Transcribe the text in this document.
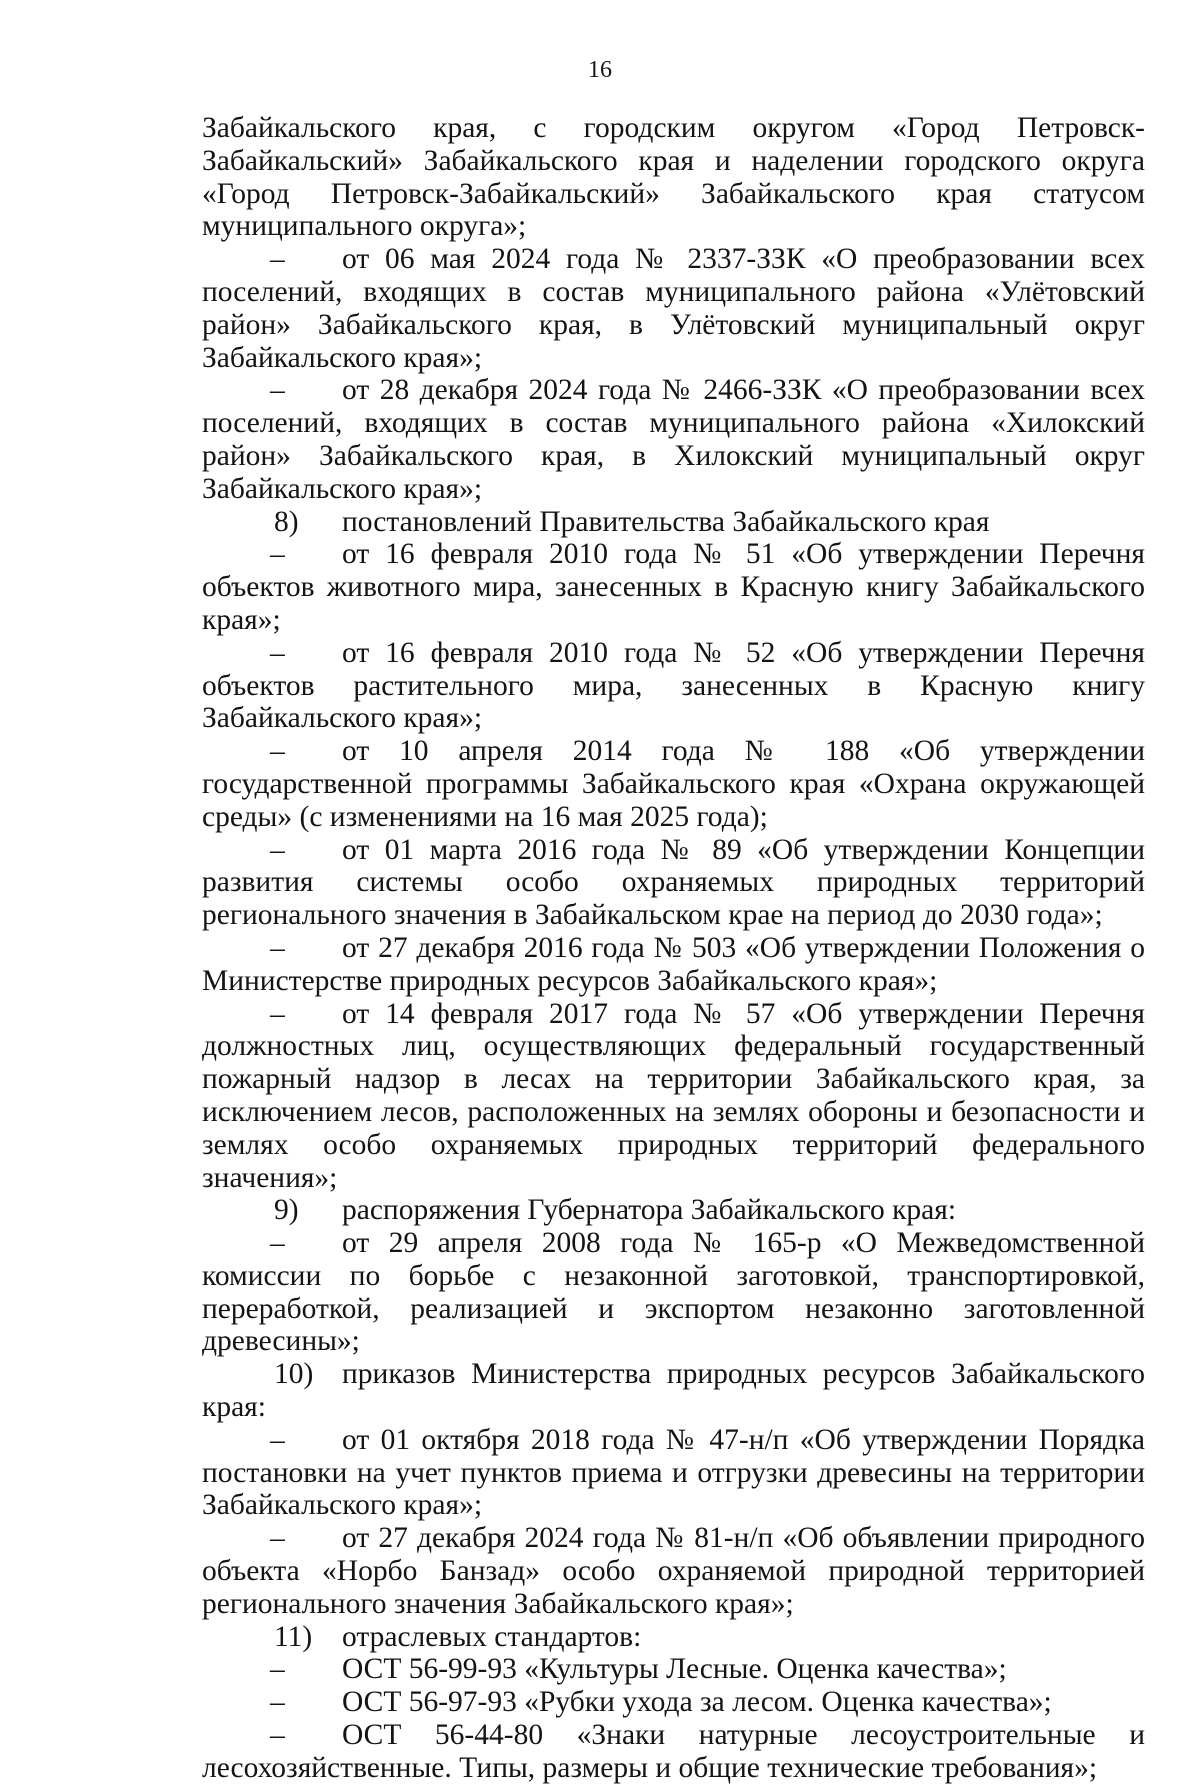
16

Забайкальского края, с городским округом «Город Петровск-Забайкальский» Забайкальского края и наделении городского округа «Город Петровск-Забайкальский» Забайкальского края статусом муниципального округа»;

– от 06 мая 2024 года № 2337-ЗЗК «О преобразовании всех поселений, входящих в состав муниципального района «Улётовский район» Забайкальского края, в Улётовский муниципальный округ Забайкальского края»;

– от 28 декабря 2024 года № 2466-ЗЗК «О преобразовании всех поселений, входящих в состав муниципального района «Хилокский район» Забайкальского края, в Хилокский муниципальный округ Забайкальского края»;

8) постановлений Правительства Забайкальского края

– от 16 февраля 2010 года № 51 «Об утверждении Перечня объектов животного мира, занесенных в Красную книгу Забайкальского края»;

– от 16 февраля 2010 года № 52 «Об утверждении Перечня объектов растительного мира, занесенных в Красную книгу Забайкальского края»;

– от 10 апреля 2014 года № 188 «Об утверждении государственной программы Забайкальского края «Охрана окружающей среды» (с изменениями на 16 мая 2025 года);

– от 01 марта 2016 года № 89 «Об утверждении Концепции развития системы особо охраняемых природных территорий регионального значения в Забайкальском крае на период до 2030 года»;

– от 27 декабря 2016 года № 503 «Об утверждении Положения о Министерстве природных ресурсов Забайкальского края»;

– от 14 февраля 2017 года № 57 «Об утверждении Перечня должностных лиц, осуществляющих федеральный государственный пожарный надзор в лесах на территории Забайкальского края, за исключением лесов, расположенных на землях обороны и безопасности и землях особо охраняемых природных территорий федерального значения»;

9) распоряжения Губернатора Забайкальского края:

– от 29 апреля 2008 года № 165-р «О Межведомственной комиссии по борьбе с незаконной заготовкой, транспортировкой, переработкой, реализацией и экспортом незаконно заготовленной древесины»;

10) приказов Министерства природных ресурсов Забайкальского края:

– от 01 октября 2018 года № 47-н/п «Об утверждении Порядка постановки на учет пунктов приема и отгрузки древесины на территории Забайкальского края»;

– от 27 декабря 2024 года № 81-н/п «Об объявлении природного объекта «Норбо Банзад» особо охраняемой природной территорией регионального значения Забайкальского края»;

11) отраслевых стандартов:

– ОСТ 56-99-93 «Культуры Лесные. Оценка качества»;

– ОСТ 56-97-93 «Рубки ухода за лесом. Оценка качества»;

– ОСТ 56-44-80 «Знаки натурные лесоустроительные и лесохозяйственные. Типы, размеры и общие технические требования»;
